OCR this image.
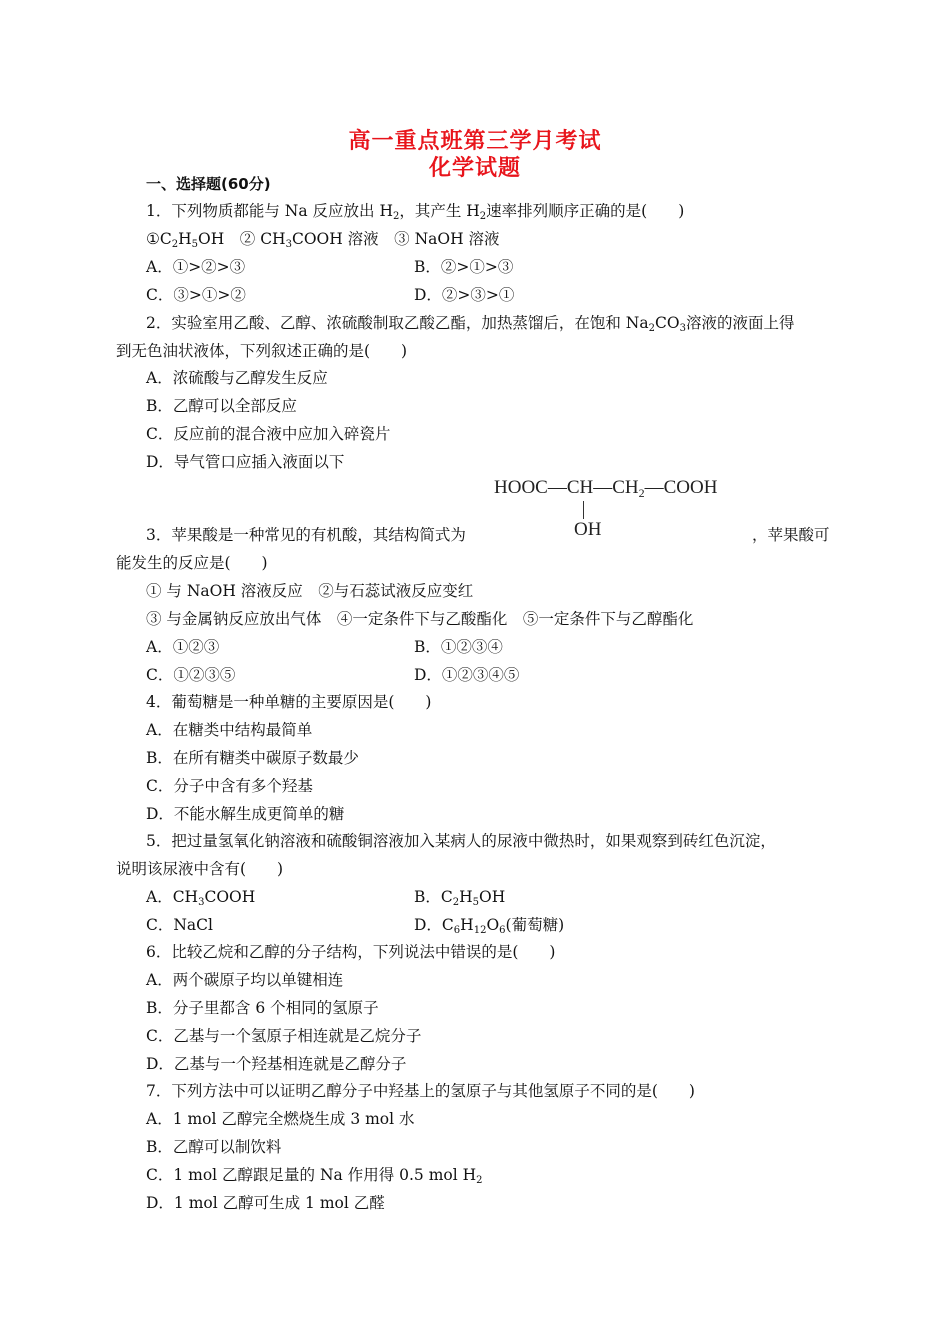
高一重点班第三学月考试
化学试题
一、选择题(60分)
1．下列物质都能与 Na 反应放出 $H_2$，其产生 $H_2$速率排列顺序正确的是(　　)
$①C_2H_5OH$　② $CH_3COOH$ 溶液　③ NaOH 溶液
A．①>②>③	B．②>①>③
C．③>①>②	D．②>③>①
2．实验室用乙酸、乙醇、浓硫酸制取乙酸乙酯，加热蒸馏后，在饱和 $Na_2CO_3$溶液的液面上得
到无色油状液体，下列叙述正确的是(　　)
A．浓硫酸与乙醇发生反应
B．乙醇可以全部反应
C．反应前的混合液中应加入碎瓷片
D．导气管口应插入液面以下
$HOOC—CH—CH_2—COOH$
OH
3．苹果酸是一种常见的有机酸，其结构简式为	，苹果酸可
能发生的反应是(　　)
① 与 NaOH 溶液反应　②与石蕊试液反应变红
③ 与金属钠反应放出气体　④一定条件下与乙酸酯化　⑤一定条件下与乙醇酯化
A．①②③	B．①②③④
C．①②③⑤	D．①②③④⑤
4．葡萄糖是一种单糖的主要原因是(　　)
A．在糖类中结构最简单
B．在所有糖类中碳原子数最少
C．分子中含有多个羟基
D．不能水解生成更简单的糖
5．把过量氢氧化钠溶液和硫酸铜溶液加入某病人的尿液中微热时，如果观察到砖红色沉淀，
说明该尿液中含有(　　)
A．$CH_3COOH$	B．$C_2H_5OH$
C．NaCl	D．$C_6H_{12}O_6$(葡萄糖)
6．比较乙烷和乙醇的分子结构，下列说法中错误的是(　　)
A．两个碳原子均以单键相连
B．分子里都含 6 个相同的氢原子
C．乙基与一个氢原子相连就是乙烷分子
D．乙基与一个羟基相连就是乙醇分子
7．下列方法中可以证明乙醇分子中羟基上的氢原子与其他氢原子不同的是(　　)
A．1 mol 乙醇完全燃烧生成 3 mol 水
B．乙醇可以制饮料
C．1 mol 乙醇跟足量的 Na 作用得 0.5 mol $H_2$
D．1 mol 乙醇可生成 1 mol 乙醛
